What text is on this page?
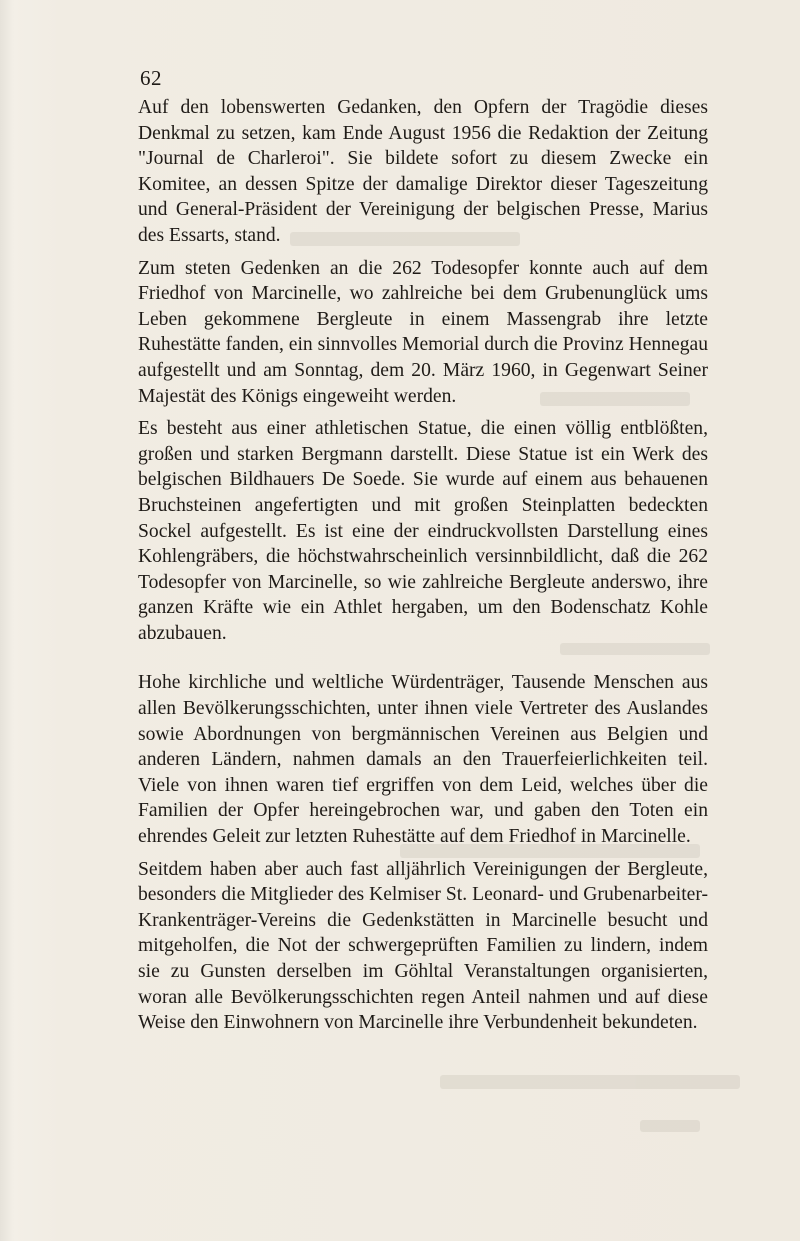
62

Auf den lobenswerten Gedanken, den Opfern der Tragödie dieses Denkmal zu setzen, kam Ende August 1956 die Redaktion der Zeitung "Journal de Charleroi". Sie bildete sofort zu diesem Zwecke ein Komitee, an dessen Spitze der damalige Direktor dieser Tageszeitung und General-Präsident der Vereinigung der belgischen Presse, Marius des Essarts, stand.

Zum steten Gedenken an die 262 Todesopfer konnte auch auf dem Friedhof von Marcinelle, wo zahlreiche bei dem Grubenunglück ums Leben gekommene Bergleute in einem Massengrab ihre letzte Ruhestätte fanden, ein sinnvolles Memorial durch die Provinz Hennegau aufgestellt und am Sonntag, dem 20. März 1960, in Gegenwart Seiner Majestät des Königs eingeweiht werden.

Es besteht aus einer athletischen Statue, die einen völlig entblößten, großen und starken Bergmann darstellt. Diese Statue ist ein Werk des belgischen Bildhauers De Soede. Sie wurde auf einem aus behauenen Bruchsteinen angefertigten und mit großen Steinplatten bedeckten Sockel aufgestellt. Es ist eine der eindruckvollsten Darstellung eines Kohlengräbers, die höchstwahrscheinlich versinnbildlicht, daß die 262 Todesopfer von Marcinelle, so wie zahlreiche Bergleute anderswo, ihre ganzen Kräfte wie ein Athlet hergaben, um den Bodenschatz Kohle abzubauen.

Hohe kirchliche und weltliche Würdenträger, Tausende Menschen aus allen Bevölkerungsschichten, unter ihnen viele Vertreter des Auslandes sowie Abordnungen von bergmännischen Vereinen aus Belgien und anderen Ländern, nahmen damals an den Trauerfeierlichkeiten teil. Viele von ihnen waren tief ergriffen von dem Leid, welches über die Familien der Opfer hereingebrochen war, und gaben den Toten ein ehrendes Geleit zur letzten Ruhestätte auf dem Friedhof in Marcinelle.

Seitdem haben aber auch fast alljährlich Vereinigungen der Bergleute, besonders die Mitglieder des Kelmiser St. Leonard- und Grubenarbeiter-Krankenträger-Vereins die Gedenkstätten in Marcinelle besucht und mitgeholfen, die Not der schwergeprüften Familien zu lindern, indem sie zu Gunsten derselben im Göhltal Veranstaltungen organisierten, woran alle Bevölkerungsschichten regen Anteil nahmen und auf diese Weise den Einwohnern von Marcinelle ihre Verbundenheit bekundeten.
